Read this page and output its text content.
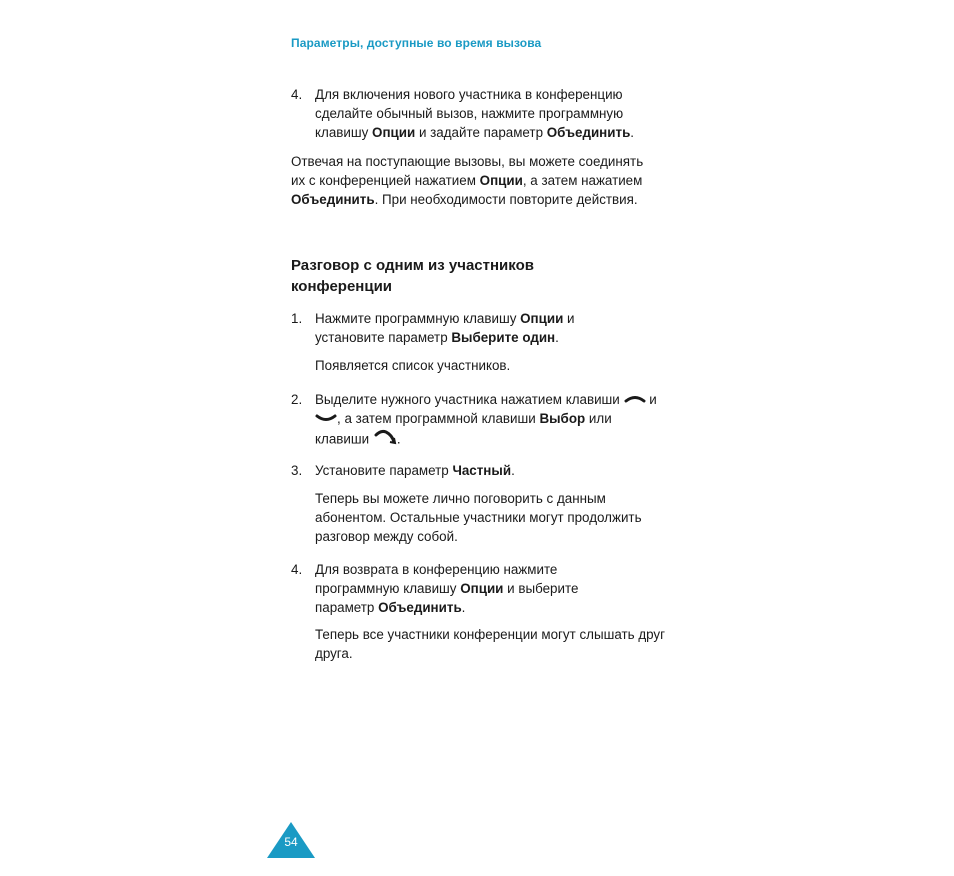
Параметры, доступные во время вызова
4. Для включения нового участника в конференцию сделайте обычный вызов, нажмите программную клавишу Опции и задайте параметр Объединить.

Отвечая на поступающие вызовы, вы можете соединять их с конференцией нажатием Опции, а затем нажатием Объединить. При необходимости повторите действия.

Разговор с одним из участников конференции
1. Нажмите программную клавишу Опции и установите параметр Выберите один.

Появляется список участников.

2. Выделите нужного участника нажатием клавиши  и , а затем программной клавиши Выбор или клавиши .

3. Установите параметр Частный.

Теперь вы можете лично поговорить с данным абонентом. Остальные участники могут продолжить разговор между собой.

4. Для возврата в конференцию нажмите программную клавишу Опции и выберите параметр Объединить.

Теперь все участники конференции могут слышать друг друга.

54
